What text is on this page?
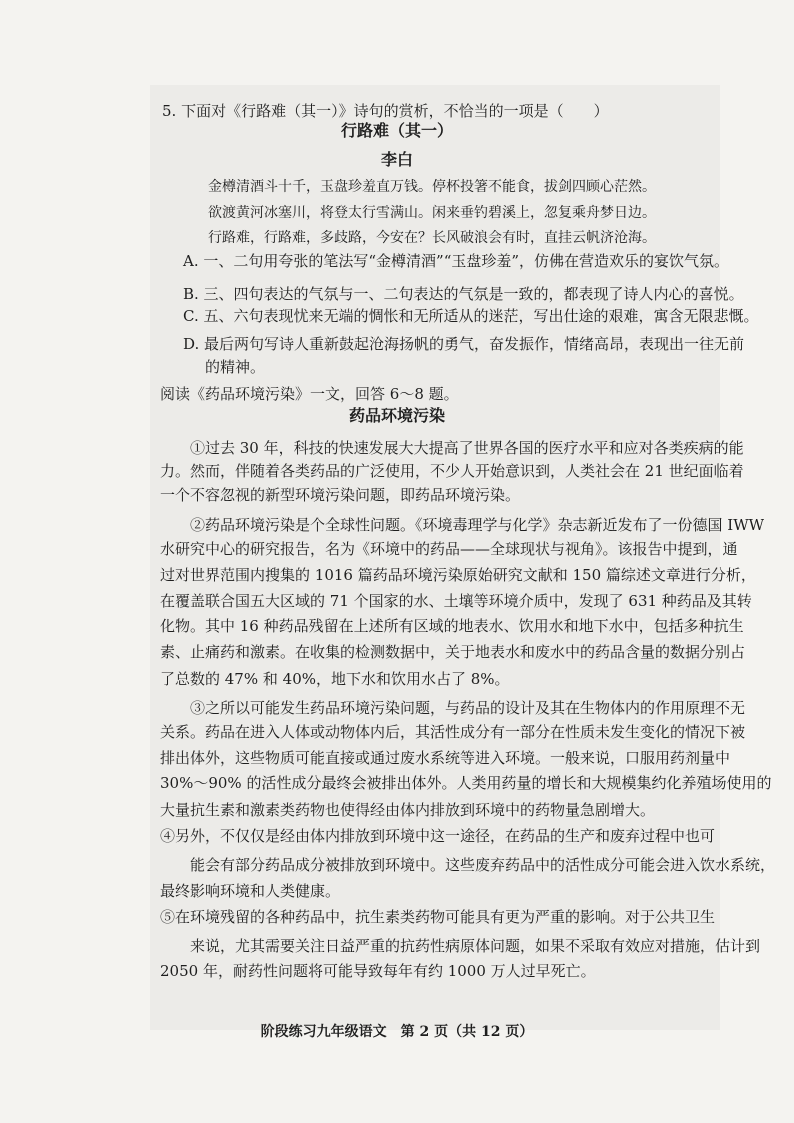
5. 下面对《行路难（其一）》诗句的赏析，不恰当的一项是（　　）
行路难（其一）
李白
金樽清酒斗十千，玉盘珍羞直万钱。停杯投箸不能食，拔剑四顾心茫然。
欲渡黄河冰塞川，将登太行雪满山。闲来垂钓碧溪上，忽复乘舟梦日边。
行路难，行路难，多歧路，今安在？长风破浪会有时，直挂云帆济沧海。
A. 一、二句用夸张的笔法写“金樽清酒”“玉盘珍羞”，仿佛在营造欢乐的宴饮气氛。
B. 三、四句表达的气氛与一、二句表达的气氛是一致的，都表现了诗人内心的喜悦。
C. 五、六句表现忧来无端的惆怅和无所适从的迷茫，写出仕途的艰难，寓含无限悲慨。
D. 最后两句写诗人重新鼓起沧海扬帆的勇气，奋发振作，情绪高昂，表现出一往无前
的精神。
阅读《药品环境污染》一文，回答 6～8 题。
药品环境污染
①过去 30 年，科技的快速发展大大提高了世界各国的医疗水平和应对各类疾病的能
力。然而，伴随着各类药品的广泛使用，不少人开始意识到，人类社会在 21 世纪面临着
一个不容忽视的新型环境污染问题，即药品环境污染。
②药品环境污染是个全球性问题。《环境毒理学与化学》杂志新近发布了一份德国 IWW
水研究中心的研究报告，名为《环境中的药品——全球现状与视角》。该报告中提到，通
过对世界范围内搜集的 1016 篇药品环境污染原始研究文献和 150 篇综述文章进行分析，
在覆盖联合国五大区域的 71 个国家的水、土壤等环境介质中，发现了 631 种药品及其转
化物。其中 16 种药品残留在上述所有区域的地表水、饮用水和地下水中，包括多种抗生
素、止痛药和激素。在收集的检测数据中，关于地表水和废水中的药品含量的数据分别占
了总数的 47% 和 40%，地下水和饮用水占了 8%。
③之所以可能发生药品环境污染问题，与药品的设计及其在生物体内的作用原理不无
关系。药品在进入人体或动物体内后，其活性成分有一部分在性质未发生变化的情况下被
排出体外，这些物质可能直接或通过废水系统等进入环境。一般来说，口服用药剂量中
30%～90% 的活性成分最终会被排出体外。人类用药量的增长和大规模集约化养殖场使用的
大量抗生素和激素类药物也使得经由体内排放到环境中的药物量急剧增大。
④另外，不仅仅是经由体内排放到环境中这一途径，在药品的生产和废弃过程中也可
能会有部分药品成分被排放到环境中。这些废弃药品中的活性成分可能会进入饮水系统，
最终影响环境和人类健康。
⑤在环境残留的各种药品中，抗生素类药物可能具有更为严重的影响。对于公共卫生
来说，尤其需要关注日益严重的抗药性病原体问题，如果不采取有效应对措施，估计到
2050 年，耐药性问题将可能导致每年有约 1000 万人过早死亡。
阶段练习九年级语文　第 2 页（共 12 页）
